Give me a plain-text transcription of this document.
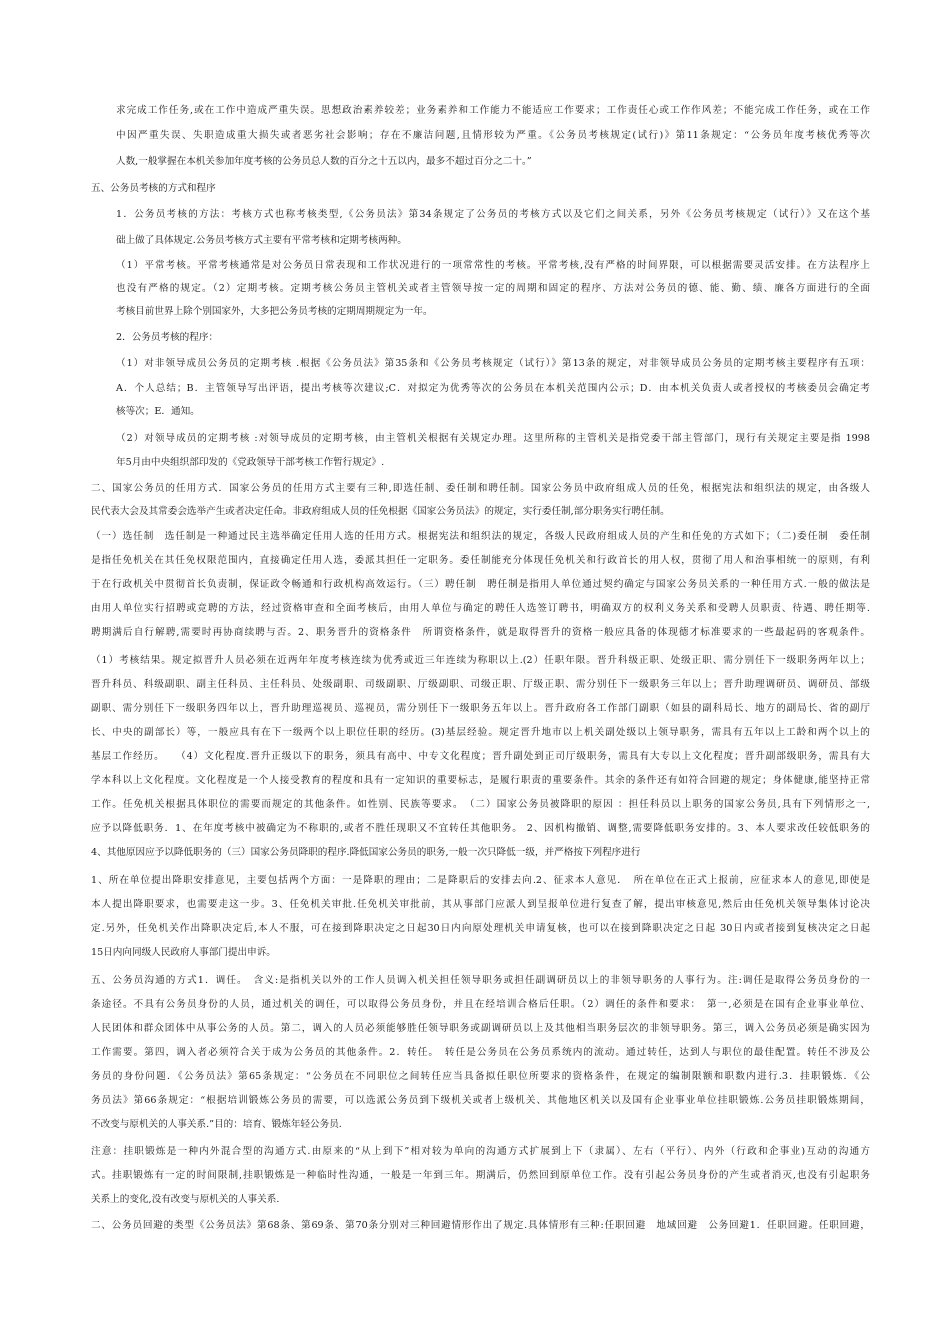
求完成工作任务,或在工作中造成严重失误。思想政治素养较差；业务素养和工作能力不能适应工作要求；工作责任心或工作作风差；不能完成工作任务，或在工作
中因严重失误、失职造成重大损失或者恶劣社会影响；存在不廉洁问题,且情形较为严重。《公务员考核规定(试行)》第11条规定：“公务员年度考核优秀等次
人数,一般掌握在本机关参加年度考核的公务员总人数的百分之十五以内，最多不超过百分之二十。”
五、公务员考核的方式和程序
1．公务员考核的方法：考核方式也称考核类型,《公务员法》第34条规定了公务员的考核方式以及它们之间关系，另外《公务员考核规定（试行）》又在这个基
础上做了具体规定.公务员考核方式主要有平常考核和定期考核两种。
（1）平常考核。平常考核通常是对公务员日常表现和工作状况进行的一项常常性的考核。平常考核,没有严格的时间界限，可以根据需要灵活安排。在方法程序上
也没有严格的规定。（2）定期考核。定期考核公务员主管机关或者主管领导按一定的周期和固定的程序、方法对公务员的德、能、勤、绩、廉各方面进行的全面
考核目前世界上除个别国家外，大多把公务员考核的定期周期规定为一年。
2．公务员考核的程序：
（1）对非领导成员公务员的定期考核 .根据《公务员法》第35条和《公务员考核规定（试行）》第13条的规定，对非领导成员公务员的定期考核主要程序有五项：
A．个人总结；B．主管领导写出评语，提出考核等次建议;C．对拟定为优秀等次的公务员在本机关范围内公示；D．由本机关负责人或者授权的考核委员会确定考
核等次；E．通知。
（2）对领导成员的定期考核 :对领导成员的定期考核，由主管机关根据有关规定办理。这里所称的主管机关是指党委干部主管部门，现行有关规定主要是指 1998
年5月由中央组织部印发的《党政领导干部考核工作暂行规定》.
二、国家公务员的任用方式．国家公务员的任用方式主要有三种,即选任制、委任制和聘任制。国家公务员中政府组成人员的任免，根据宪法和组织法的规定，由各级人
民代表大会及其常委会选举产生或者决定任命。非政府组成人员的任免根据《国家公务员法》的规定，实行委任制,部分职务实行聘任制。
（一）选任制　选任制是一种通过民主选举确定任用人选的任用方式。根据宪法和组织法的规定，各级人民政府组成人员的产生和任免的方式如下；（二)委任制　委任制
是指任免机关在其任免权限范围内，直接确定任用人选，委派其担任一定职务。委任制能充分体现任免机关和行政首长的用人权，贯彻了用人和治事相统一的原则，有利
于在行政机关中贯彻首长负责制，保证政令畅通和行政机构高效运行。（三）聘任制　聘任制是指用人单位通过契约确定与国家公务员关系的一种任用方式.一般的做法是
由用人单位实行招聘或竞聘的方法，经过资格审查和全面考核后，由用人单位与确定的聘任人选签订聘书，明确双方的权利义务关系和受聘人员职责、待遇、聘任期等.
聘期满后自行解聘,需要时再协商续聘与否。2、职务晋升的资格条件　所谓资格条件，就是取得晋升的资格一般应具备的体现德才标准要求的一些最起码的客观条件。
（1）考核结果。规定拟晋升人员必须在近两年年度考核连续为优秀或近三年连续为称职以上.(2）任职年限。晋升科级正职、处级正职、需分别任下一级职务两年以上；
晋升科员、科级副职、副主任科员、主任科员、处级副职、司级副职、厅级副职、司级正职、厅级正职、需分别任下一级职务三年以上；晋升助理调研员、调研员、部级
副职、需分别任下一级职务四年以上，晋升助理巡视员、巡视员，需分别任下一级职务五年以上。晋升政府各工作部门副职（如县的副科局长、地方的副局长、省的副厅
长、中央的副部长）等，一般应具有在下一级两个以上职位任职的经历。(3)基层经验。规定晋升地市以上机关副处级以上领导职务，需具有五年以上工龄和两个以上的
基层工作经历。　　（4）文化程度.晋升正级以下的职务，须具有高中、中专文化程度；晋升副处到正司厅级职务，需具有大专以上文化程度；晋升副部级职务，需具有大
学本科以上文化程度。文化程度是一个人接受教育的程度和具有一定知识的重要标志，是履行职责的重要条件。其余的条件还有如符合回避的规定；身体健康,能坚持正常
工作。任免机关根据具体职位的需要而规定的其他条件。如性别、民族等要求。　（二）国家公务员被降职的原因 ：担任科员以上职务的国家公务员,具有下列情形之一,
应予以降低职务．1、在年度考核中被确定为不称职的,或者不胜任现职又不宜转任其他职务。 2、因机构撤销、调整,需要降低职务安排的。3、本人要求改任较低职务的
4、其他原因应予以降低职务的（三）国家公务员降职的程序.降低国家公务员的职务,一般一次只降低一级，并严格按下列程序进行
1、所在单位提出降职安排意见，主要包括两个方面：一是降职的理由；二是降职后的安排去向.2、征求本人意见．　所在单位在正式上报前，应征求本人的意见,即使是
本人提出降职要求，也需要走这一步。3、任免机关审批.任免机关审批前，其从事部门应派人到呈报单位进行复查了解，提出审核意见,然后由任免机关领导集体讨论决
定.另外，任免机关作出降职决定后,本人不服，可在接到降职决定之日起30日内向原处理机关申请复核，也可以在接到降职决定之日起 30日内或者接到复核决定之日起
15日内向同级人民政府人事部门提出申诉。
五、公务员沟通的方式1．调任。　含义:是指机关以外的工作人员调入机关担任领导职务或担任副调研员以上的非领导职务的人事行为。注:调任是取得公务员身份的一
条途径。不具有公务员身份的人员，通过机关的调任，可以取得公务员身份，并且在经培训合格后任职。（2）调任的条件和要求：　第一,必须是在国有企业事业单位、
人民团体和群众团体中从事公务的人员。第二，调入的人员必须能够胜任领导职务或副调研员以上及其他相当职务层次的非领导职务。第三，调入公务员必须是确实因为
工作需要。第四，调入者必须符合关于成为公务员的其他条件。2．转任。　转任是公务员在公务员系统内的流动。通过转任，达到人与职位的最佳配置。转任不涉及公
务员的身份问题．《公务员法》第65条规定：“公务员在不同职位之间转任应当具备拟任职位所要求的资格条件，在规定的编制限额和职数内进行.3．挂职锻炼．《公
务员法》第66条规定：“根据培训锻炼公务员的需要，可以选派公务员到下级机关或者上级机关、其他地区机关以及国有企业事业单位挂职锻炼.公务员挂职锻炼期间，
不改变与原机关的人事关系.”目的：培育、锻炼年轻公务员.
注意：挂职锻炼是一种内外混合型的沟通方式.由原来的“从上到下”相对较为单向的沟通方式扩展到上下（隶属）、左右（平行）、内外（行政和企事业)互动的沟通方
式。挂职锻炼有一定的时间限制,挂职锻炼是一种临时性沟通，一般是一年到三年。期满后，仍然回到原单位工作。没有引起公务员身份的产生或者消灭,也没有引起职务
关系上的变化,没有改变与原机关的人事关系.
二、公务员回避的类型《公务员法》第68条、第69条、第70条分别对三种回避情形作出了规定.具体情形有三种:任职回避　地域回避　公务回避1．任职回避。任职回避，
